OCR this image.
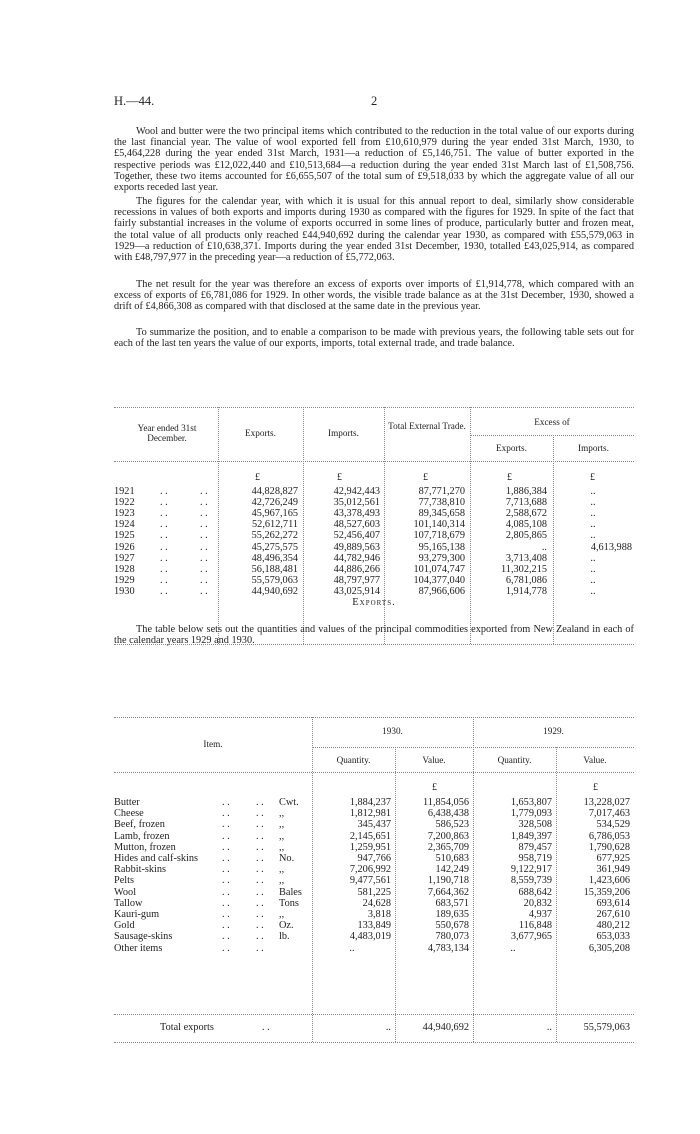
H.—44.	2

Wool and butter were the two principal items which contributed to the reduction in the total value of our exports during the last financial year. The value of wool exported fell from £10,610,979 during the year ended 31st March, 1930, to £5,464,228 during the year ended 31st March, 1931—a reduction of £5,146,751. The value of butter exported in the respective periods was £12,022,440 and £10,513,684—a reduction during the year ended 31st March last of £1,508,756. Together, these two items accounted for £6,655,507 of the total sum of £9,518,033 by which the aggregate value of all our exports receded last year.

The figures for the calendar year, with which it is usual for this annual report to deal, similarly show considerable recessions in values of both exports and imports during 1930 as compared with the figures for 1929. In spite of the fact that fairly substantial increases in the volume of exports occurred in some lines of produce, particularly butter and frozen meat, the total value of all products only reached £44,940,692 during the calendar year 1930, as compared with £55,579,063 in 1929—a reduction of £10,638,371. Imports during the year ended 31st December, 1930, totalled £43,025,914, as compared with £48,797,977 in the preceding year—a reduction of £5,772,063.

The net result for the year was therefore an excess of exports over imports of £1,914,778, which compared with an excess of exports of £6,781,086 for 1929. In other words, the visible trade balance as at the 31st December, 1930, showed a drift of £4,866,308 as compared with that disclosed at the same date in the previous year.

To summarize the position, and to enable a comparison to be made with previous years, the following table sets out for each of the last ten years the value of our exports, imports, total external trade, and trade balance.

Year ended 31st December.	Exports.	Imports.
Total External Trade.	Excess of
Exports.	Imports.
£	£	£	£	£
1921 . .	. .	44,828,827	42,942,443	87,771,270	1,886,384	..
1922 . .	. .	42,726,249	35,012,561	77,738,810	7,713,688	..
1923 . .	. .	45,967,165	43,378,493	89,345,658	2,588,672	..
1924 . .	. .	52,612,711	48,527,603	101,140,314	4,085,108	..
1925 . .	. .	55,262,272	52,456,407	107,718,679	2,805,865	..
1926 . .	. .	45,275,575	49,889,563	95,165,138	..	4,613,988
1927 . .	. .	48,496,354	44,782,946	93,279,300	3,713,408	..
1928 . .	. .	56,188,481	44,886,266	101,074,747	11,302,215	..
1929 . .	. .	55,579,063	48,797,977	104,377,040	6,781,086	..
1930 . .	. .	44,940,692	43,025,914	87,966,606	1,914,778	..
Exports.

The table below sets out the quantities and values of the principal commodities exported from New Zealand in each of the calendar years 1929 and 1930.

Item.
1930.	1929.
Quantity.	Value.	Quantity.	Value.
£	£
Butter	. .	. . Cwt.	1,884,237	11,854,056	1,653,807	13,228,027
Cheese	. .	. . ,,	1,812,981	6,438,438	1,779,093	7,017,463
Beef, frozen	. .	. . ,,	345,437	586,523	328,508	534,529
Lamb, frozen	. .	. . ,,	2,145,651	7,200,863	1,849,397	6,786,053
Mutton, frozen	. .	. . ,,	1,259,951	2,365,709	879,457	1,790,628
Hides and calf-skins . .	. . No.	947,766	510,683	958,719	677,925
Rabbit-skins	. .	. . ,,	7,206,992	142,249	9,122,917	361,949
Pelts	. .	. . ,,	9,477,561	1,190,718	8,559,739	1,423,606
Wool	. .	. . Bales	581,225	7,664,362	688,642	15,359,206
Tallow	. .	. . Tons	24,628	683,571	20,832	693,614
Kauri-gum	. .	. . ,,	3,818	189,635	4,937	267,610
Gold	. .	. . Oz.	133,849	550,678	116,848	480,212
Sausage-skins	. .	. . lb.	4,483,019	780,073	3,677,965	653,033
Other items	. .	. .	..	4,783,134	..	6,305,208
Total exports	. .	..	44,940,692	..	55,579,063
